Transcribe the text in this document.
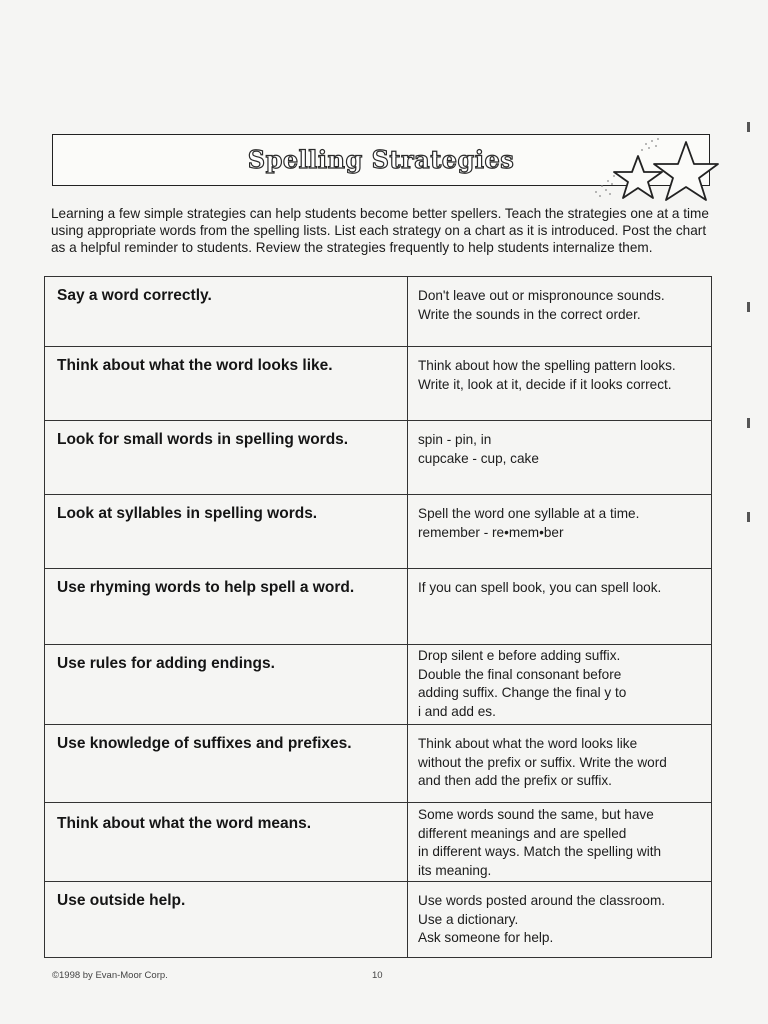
Spelling Strategies

Learning a few simple strategies can help students become better spellers. Teach the strategies one at a time using appropriate words from the spelling lists. List each strategy on a chart as it is introduced. Post the chart as a helpful reminder to students. Review the strategies frequently to help students internalize them.

Say a word correctly.	Don't leave out or mispronounce sounds.
Write the sounds in the correct order.

Think about what the word looks like.	Think about how the spelling pattern looks.
Write it, look at it, decide if it looks correct.

Look for small words in spelling words.	spin - pin, in
cupcake - cup, cake

Look at syllables in spelling words.	Spell the word one syllable at a time.
remember - re•mem•ber

Use rhyming words to help spell a word.	If you can spell book, you can spell look.

Use rules for adding endings.	Drop silent e before adding suffix.
Double the final consonant before
adding suffix. Change the final y to
i and add es.

Use knowledge of suffixes and prefixes.	Think about what the word looks like
without the prefix or suffix. Write the word
and then add the prefix or suffix.

Think about what the word means.	Some words sound the same, but have
different meanings and are spelled
in different ways. Match the spelling with
its meaning.

Use outside help.	Use words posted around the classroom.
Use a dictionary.
Ask someone for help.
©1998 by Evan-Moor Corp.	10
